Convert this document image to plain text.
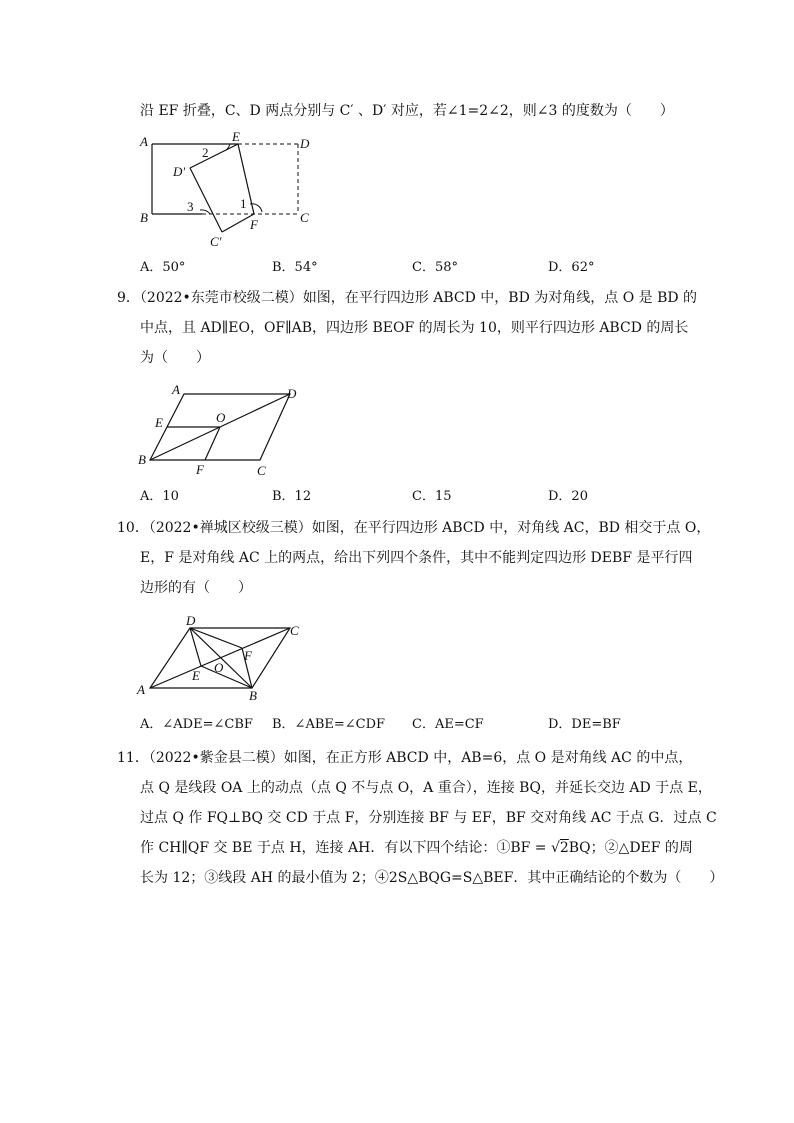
沿 EF 折叠，C、D 两点分别与 C′ 、D′ 对应，若∠1=2∠2，则∠3 的度数为（　　）
A
B	C
D
E
F
D′
C′
1
2
3
A．50°	B．54°	C．58°	D．62°
9．（2022•东莞市校级二模）如图，在平行四边形 ABCD 中，BD 为对角线，点 O 是 BD 的
中点，且 AD∥EO，OF∥AB，四边形 BEOF 的周长为 10，则平行四边形 ABCD 的周长
为（　　）
A
B
C
D
E
F
O
A．10	B．12	C．15	D．20
10．（2022•禅城区校级三模）如图，在平行四边形 ABCD 中，对角线 AC，BD 相交于点 O，
E，F 是对角线 AC 上的两点，给出下列四个条件，其中不能判定四边形 DEBF 是平行四
边形的有（　　）
D
C
A	B
E
F
O
A．∠ADE=∠CBF B．∠ABE=∠CDF C．AE=CF	D．DE=BF
11．（2022•紫金县二模）如图，在正方形 ABCD 中，AB=6，点 O 是对角线 AC 的中点，
点 Q 是线段 OA 上的动点（点 Q 不与点 O，A 重合），连接 BQ，并延长交边 AD 于点 E，
过点 Q 作 FQ⊥BQ 交 CD 于点 F，分别连接 BF 与 EF，BF 交对角线 AC 于点 G．过点 C
作 CH∥QF 交 BE 于点 H，连接 AH．有以下四个结论：①BF = √2BQ；②△DEF 的周
长为 12；③线段 AH 的最小值为 2；④2S△BQG=S△BEF．其中正确结论的个数为（　　）
